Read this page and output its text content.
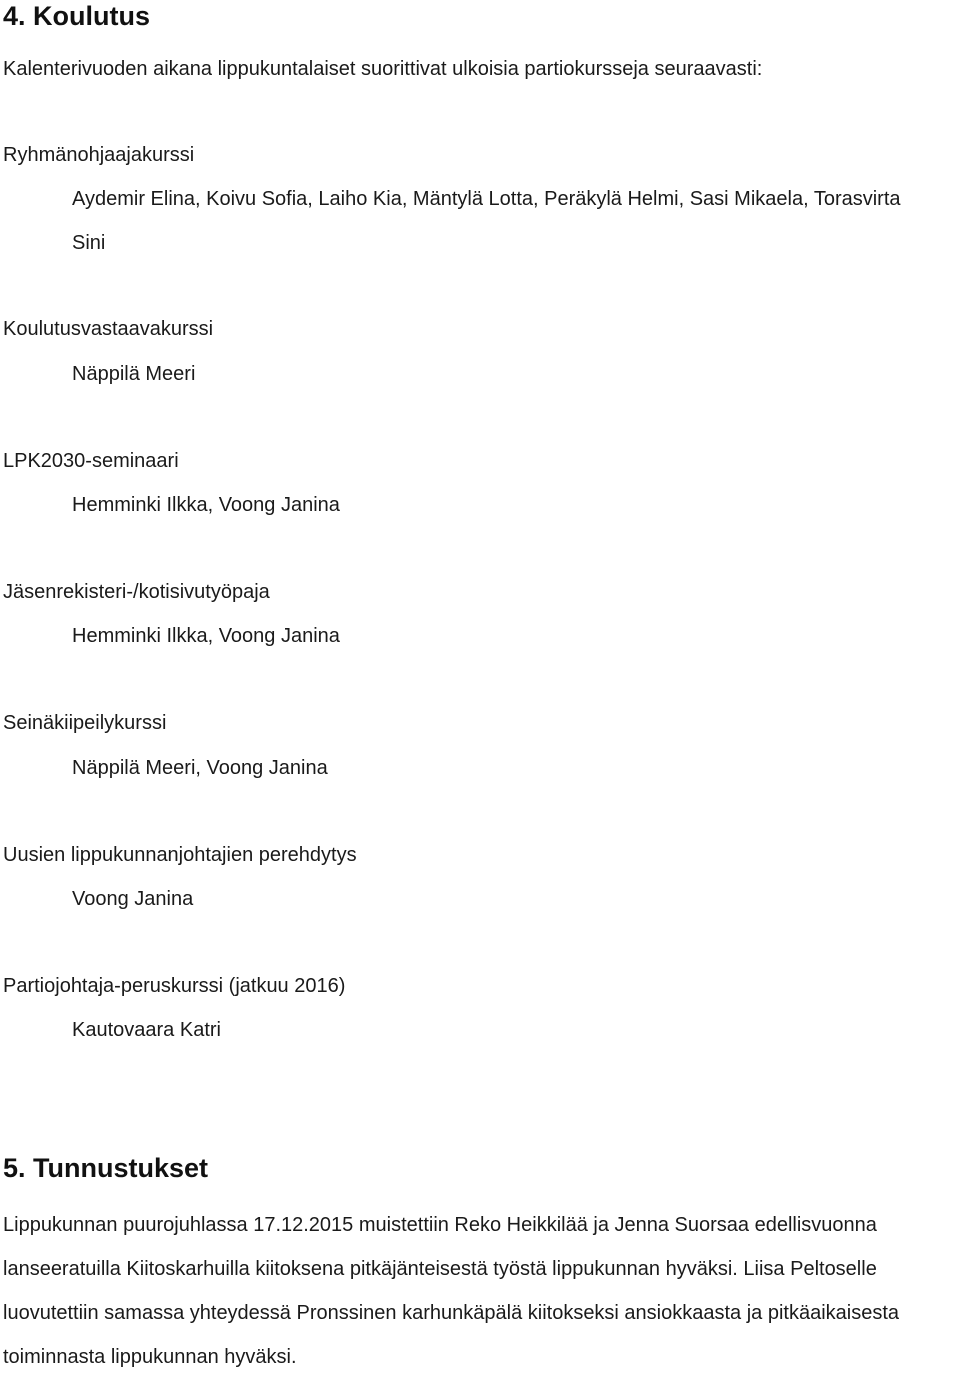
4. Koulutus

Kalenterivuoden aikana lippukuntalaiset suorittivat ulkoisia partiokursseja seuraavasti:

Ryhmänohjaajakurssi

Aydemir Elina, Koivu Sofia, Laiho Kia, Mäntylä Lotta, Peräkylä Helmi, Sasi Mikaela, Torasvirta

Sini

Koulutusvastaavakurssi

Näppilä Meeri

LPK2030-seminaari

Hemminki Ilkka, Voong Janina

Jäsenrekisteri-/kotisivutyöpaja

Hemminki Ilkka, Voong Janina

Seinäkiipeilykurssi

Näppilä Meeri, Voong Janina

Uusien lippukunnanjohtajien perehdytys

Voong Janina

Partiojohtaja-peruskurssi (jatkuu 2016)

Kautovaara Katri

5. Tunnustukset

Lippukunnan puurojuhlassa 17.12.2015 muistettiin Reko Heikkilää ja Jenna Suorsaa edellisvuonna lanseeratuilla Kiitoskarhuilla kiitoksena pitkäjänteisestä työstä lippukunnan hyväksi. Liisa Peltoselle luovutettiin samassa yhteydessä Pronssinen karhunkäpälä kiitokseksi ansiokkaasta ja pitkäaikaisesta toiminnasta lippukunnan hyväksi.
